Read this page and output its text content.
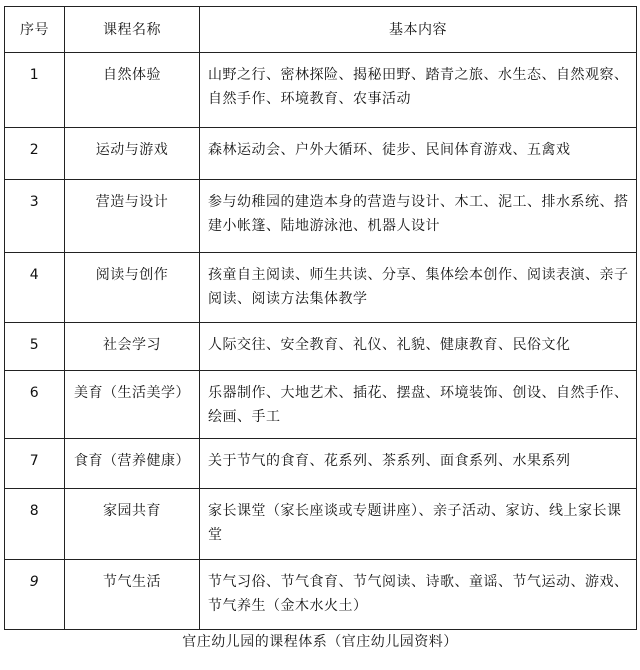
序号	课程名称	基本内容

1	自然体验	山野之行、密林探险、揭秘田野、踏青之旅、水生态、自然观察、自然手作、环境教育、农事活动

2	运动与游戏	森林运动会、户外大循环、徒步、民间体育游戏、五禽戏

3	营造与设计	参与幼稚园的建造本身的营造与设计、木工、泥工、排水系统、搭建小帐篷、陆地游泳池、机器人设计

4	阅读与创作	孩童自主阅读、师生共读、分享、集体绘本创作、阅读表演、亲子阅读、阅读方法集体教学

5	社会学习	人际交往、安全教育、礼仪、礼貌、健康教育、民俗文化

6	美育（生活美学）	乐器制作、大地艺术、插花、摆盘、环境装饰、创设、自然手作、绘画、手工

7	食育（营养健康）	关于节气的食育、花系列、茶系列、面食系列、水果系列

8	家园共育	家长课堂（家长座谈或专题讲座）、亲子活动、家访、线上家长课堂

9	节气生活	节气习俗、节气食育、节气阅读、诗歌、童谣、节气运动、游戏、节气养生（金木水火土）
官庄幼儿园的课程体系（官庄幼儿园资料）
